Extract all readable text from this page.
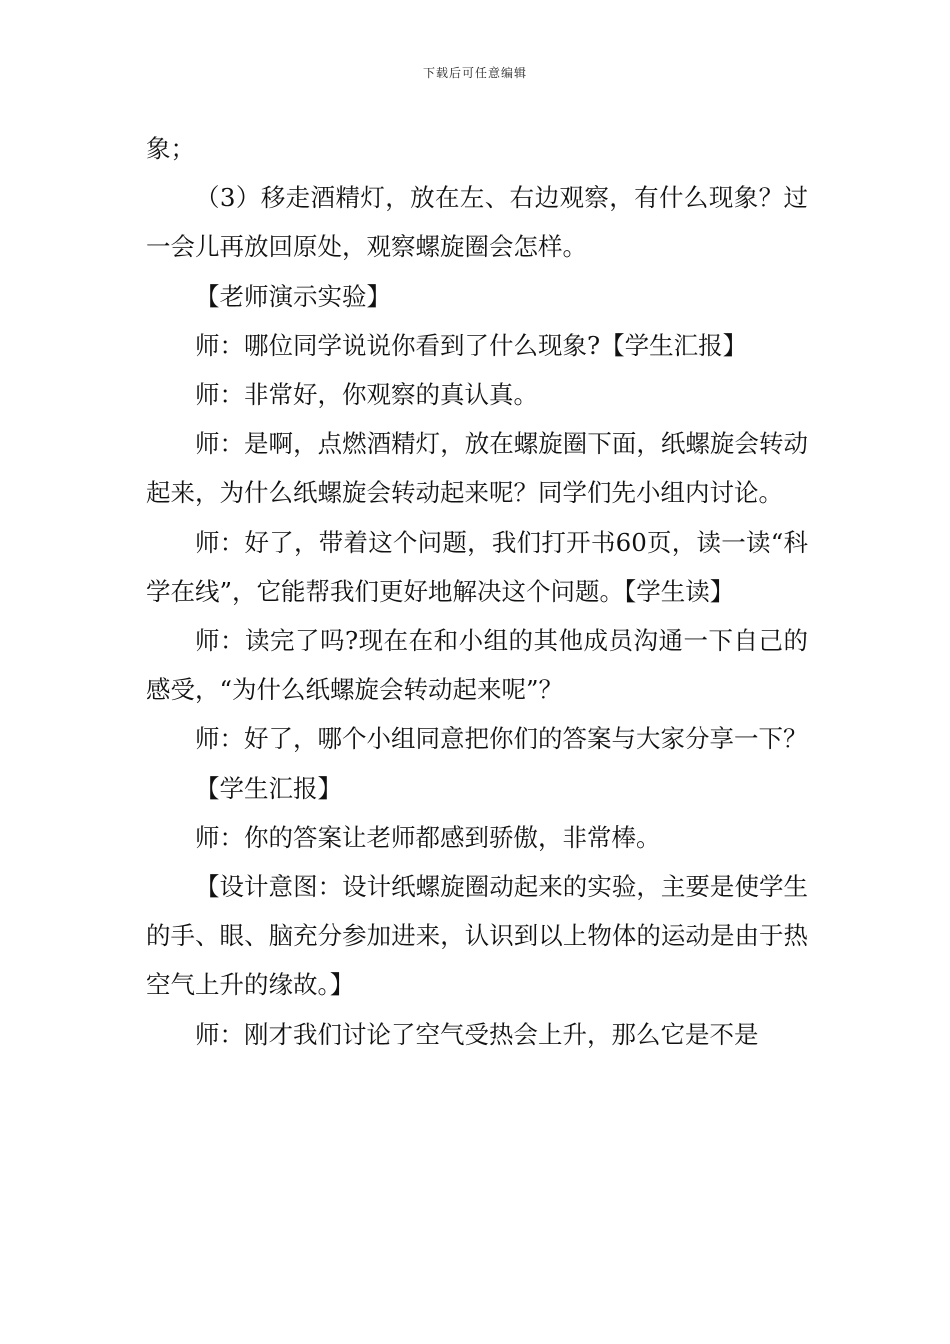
下载后可任意编辑

象；

（3）移走酒精灯，放在左、右边观察，有什么现象？过一会儿再放回原处，观察螺旋圈会怎样。

【老师演示实验】

师：哪位同学说说你看到了什么现象?【学生汇报】

师：非常好，你观察的真认真。

师：是啊，点燃酒精灯，放在螺旋圈下面，纸螺旋会转动起来，为什么纸螺旋会转动起来呢？同学们先小组内讨论。

师：好了，带着这个问题，我们打开书60页，读一读“科学在线”，它能帮我们更好地解决这个问题。【学生读】

师：读完了吗?现在在和小组的其他成员沟通一下自己的感受，“为什么纸螺旋会转动起来呢”？

师：好了，哪个小组同意把你们的答案与大家分享一下？

【学生汇报】

师：你的答案让老师都感到骄傲，非常棒。

【设计意图：设计纸螺旋圈动起来的实验，主要是使学生的手、眼、脑充分参加进来，认识到以上物体的运动是由于热空气上升的缘故。】

师：刚才我们讨论了空气受热会上升，那么它是不是
